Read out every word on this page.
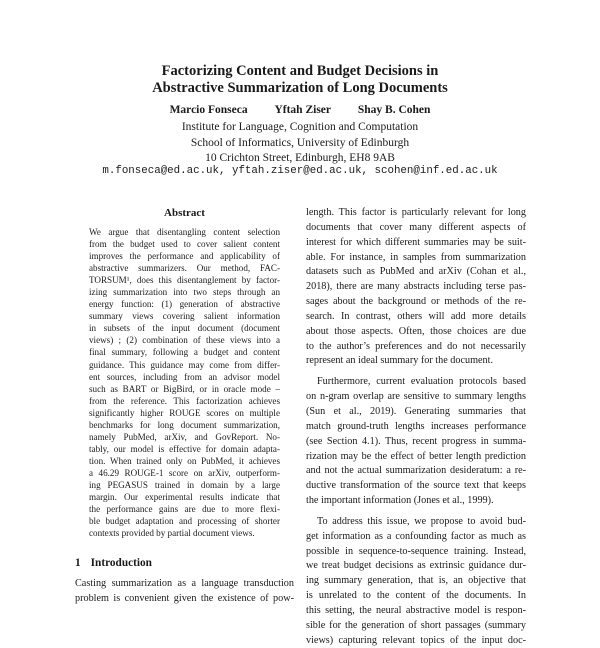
Factorizing Content and Budget Decisions in
Abstractive Summarization of Long Documents
Marcio Fonseca Yftah Ziser Shay B. Cohen
Institute for Language, Cognition and Computation
School of Informatics, University of Edinburgh
10 Crichton Street, Edinburgh, EH8 9AB
m.fonseca@ed.ac.uk, yftah.ziser@ed.ac.uk, scohen@inf.ed.ac.uk
Abstract
We argue that disentangling content selection
from the budget used to cover salient content
improves the performance and applicability of
abstractive summarizers. Our method, FAC-
TORSUM¹, does this disentanglement by factor-
izing summarization into two steps through an
energy function: (1) generation of abstractive
summary views covering salient information
in subsets of the input document (document
views) ; (2) combination of these views into a
final summary, following a budget and content
guidance. This guidance may come from differ-
ent sources, including from an advisor model
such as BART or BigBird, or in oracle mode –
from the reference. This factorization achieves
significantly higher ROUGE scores on multiple
benchmarks for long document summarization,
namely PubMed, arXiv, and GovReport. No-
tably, our model is effective for domain adapta-
tion. When trained only on PubMed, it achieves
a 46.29 ROUGE-1 score on arXiv, outperform-
ing PEGASUS trained in domain by a large
margin. Our experimental results indicate that
the performance gains are due to more flexi-
ble budget adaptation and processing of shorter
contexts provided by partial document views.
1 Introduction
Casting summarization as a language transduction
problem is convenient given the existence of pow-
length. This factor is particularly relevant for long
documents that cover many different aspects of
interest for which different summaries may be suit-
able. For instance, in samples from summarization
datasets such as PubMed and arXiv (Cohan et al.,
2018), there are many abstracts including terse pas-
sages about the background or methods of the re-
search. In contrast, others will add more details
about those aspects. Often, those choices are due
to the author’s preferences and do not necessarily
represent an ideal summary for the document.
Furthermore, current evaluation protocols based
on n-gram overlap are sensitive to summary lengths
(Sun et al., 2019). Generating summaries that
match ground-truth lengths increases performance
(see Section 4.1). Thus, recent progress in summa-
rization may be the effect of better length prediction
and not the actual summarization desideratum: a re-
ductive transformation of the source text that keeps
the important information (Jones et al., 1999).
To address this issue, we propose to avoid bud-
get information as a confounding factor as much as
possible in sequence-to-sequence training. Instead,
we treat budget decisions as extrinsic guidance dur-
ing summary generation, that is, an objective that
is unrelated to the content of the documents. In
this setting, the neural abstractive model is respon-
sible for the generation of short passages (summary
views) capturing relevant topics of the input doc-
